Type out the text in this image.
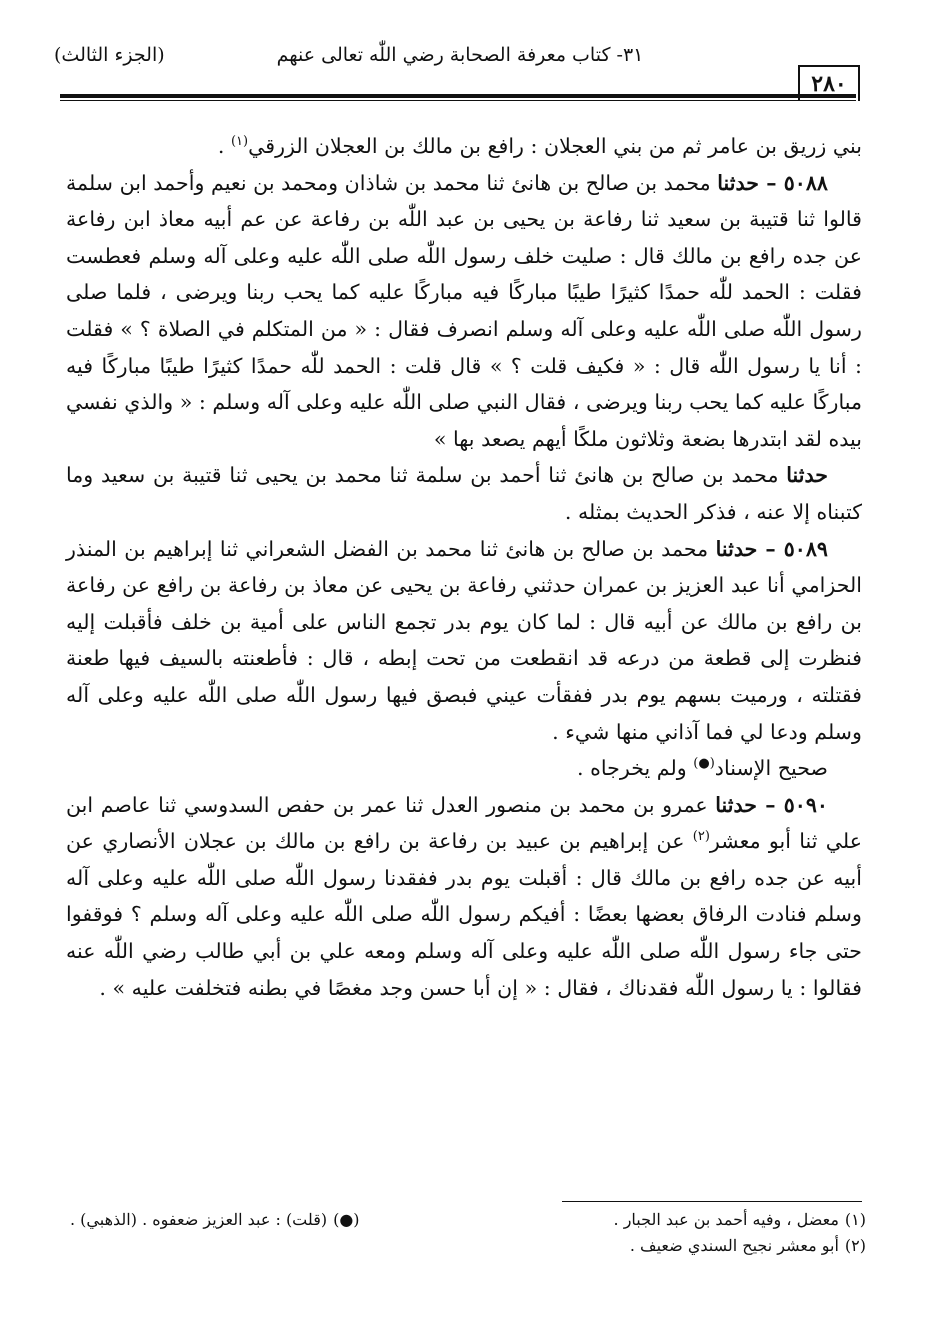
٢٨٠
٣١- كتاب معرفة الصحابة رضي اللّٰه تعالى عنهم
(الجزء الثالث)

بني زريق بن عامر ثم من بني العجلان : رافع بن مالك بن العجلان الزرقي$^{(١)}$ .

٥٠٨٨ – حدثنا محمد بن صالح بن هانئ ثنا محمد بن شاذان ومحمد بن نعيم وأحمد ابن سلمة قالوا ثنا قتيبة بن سعيد ثنا رفاعة بن يحيى بن عبد اللّٰه بن رفاعة عن عم أبيه معاذ ابن رفاعة عن جده رافع بن مالك قال : صليت خلف رسول اللّٰه صلى اللّٰه عليه وعلى آله وسلم فعطست فقلت : الحمد للّٰه حمدًا كثيرًا طيبًا مباركًا فيه مباركًا عليه كما يحب ربنا ويرضى ، فلما صلى رسول اللّٰه صلى اللّٰه عليه وعلى آله وسلم انصرف فقال : « من المتكلم في الصلاة ؟ » فقلت : أنا يا رسول اللّٰه قال : « فكيف قلت ؟ » قال قلت : الحمد للّٰه حمدًا كثيرًا طيبًا مباركًا فيه مباركًا عليه كما يحب ربنا ويرضى ، فقال النبي صلى اللّٰه عليه وعلى آله وسلم : « والذي نفسي بيده لقد ابتدرها بضعة وثلاثون ملكًا أيهم يصعد بها »

حدثنا محمد بن صالح بن هانئ ثنا أحمد بن سلمة ثنا محمد بن يحيى ثنا قتيبة بن سعيد وما كتبناه إلا عنه ، فذكر الحديث بمثله .

٥٠٨٩ – حدثنا محمد بن صالح بن هانئ ثنا محمد بن الفضل الشعراني ثنا إبراهيم بن المنذر الحزامي أنا عبد العزيز بن عمران حدثني رفاعة بن يحيى عن معاذ بن رفاعة بن رافع عن رفاعة بن رافع بن مالك عن أبيه قال : لما كان يوم بدر تجمع الناس على أمية بن خلف فأقبلت إليه فنظرت إلى قطعة من درعه قد انقطعت من تحت إبطه ، قال : فأطعنته بالسيف فيها طعنة فقتلته ، ورميت بسهم يوم بدر ففقأت عيني فبصق فيها رسول اللّٰه صلى اللّٰه عليه وعلى آله وسلم ودعا لي فما آذاني منها شيء .

صحيح الإسناد(●) ولم يخرجاه .

٥٠٩٠ – حدثنا عمرو بن محمد بن منصور العدل ثنا عمر بن حفص السدوسي ثنا عاصم ابن علي ثنا أبو معشر$^{(٢)}$ عن إبراهيم بن عبيد بن رفاعة بن رافع بن مالك بن عجلان الأنصاري عن أبيه عن جده رافع بن مالك قال : أقبلت يوم بدر ففقدنا رسول اللّٰه صلى اللّٰه عليه وعلى آله وسلم فنادت الرفاق بعضها بعضًا : أفيكم رسول اللّٰه صلى اللّٰه عليه وعلى آله وسلم ؟ فوقفوا حتى جاء رسول اللّٰه صلى اللّٰه عليه وعلى آله وسلم ومعه علي بن أبي طالب رضي اللّٰه عنه فقالوا : يا رسول اللّٰه فقدناك ، فقال : « إن أبا حسن وجد مغصًا في بطنه فتخلفت عليه » .

(١)معضل ، وفيه أحمد بن عبد الجبار .
(●)(قلت) : عبد العزيز ضعفوه . (الذهبي) .
(٢)أبو معشر نجيح السندي ضعيف .
